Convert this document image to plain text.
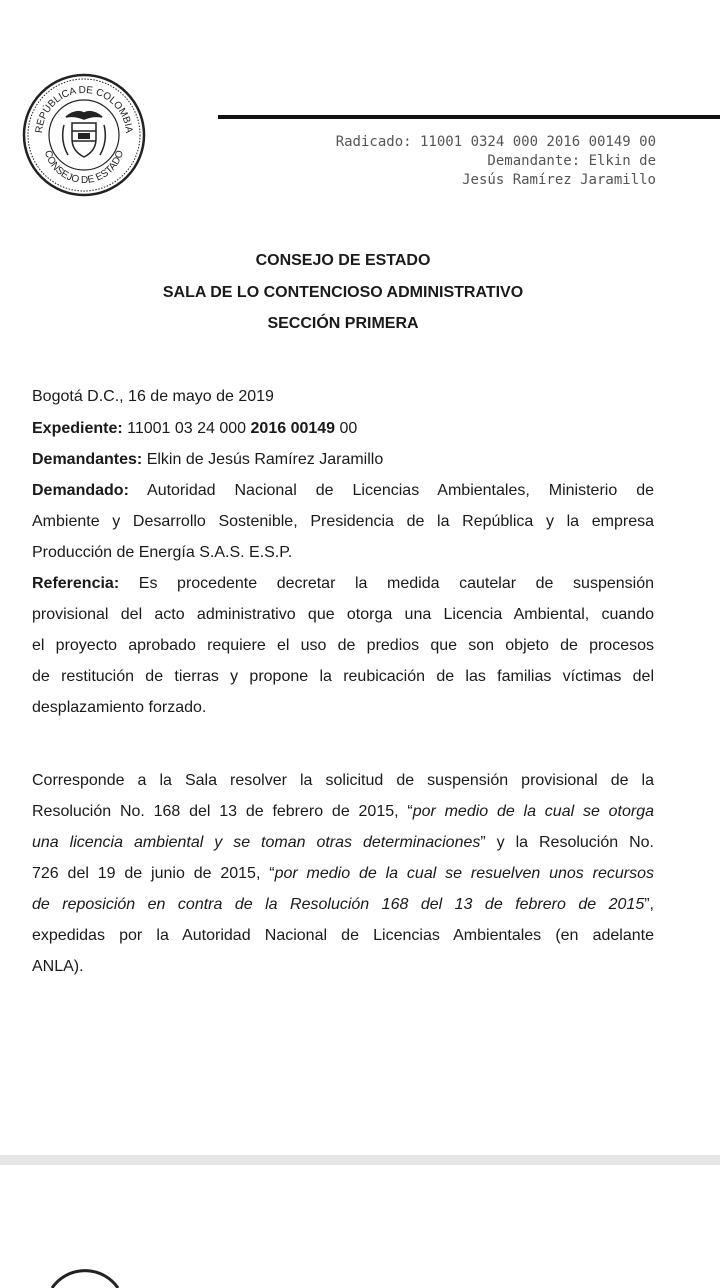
REPÚBLICA DE COLOMBIA
CONSEJO DE ESTADO
Radicado: 11001 0324 000 2016 00149 00
Demandante: Elkin de
Jesús Ramírez Jaramillo
CONSEJO DE ESTADO
SALA DE LO CONTENCIOSO ADMINISTRATIVO
SECCIÓN PRIMERA
Bogotá D.C., 16 de mayo de 2019
Expediente: 11001 03 24 000 2016 00149 00
Demandantes: Elkin de Jesús Ramírez Jaramillo
Demandado: Autoridad Nacional de Licencias Ambientales, Ministerio de
Ambiente y Desarrollo Sostenible, Presidencia de la República y la empresa
Producción de Energía S.A.S. E.S.P.
Referencia: Es procedente decretar la medida cautelar de suspensión
provisional del acto administrativo que otorga una Licencia Ambiental, cuando
el proyecto aprobado requiere el uso de predios que son objeto de procesos
de restitución de tierras y propone la reubicación de las familias víctimas del
desplazamiento forzado.
Corresponde a la Sala resolver la solicitud de suspensión provisional de la
Resolución No. 168 del 13 de febrero de 2015, “por medio de la cual se otorga
una licencia ambiental y se toman otras determinaciones” y la Resolución No.
726 del 19 de junio de 2015, “por medio de la cual se resuelven unos recursos
de reposición en contra de la Resolución 168 del 13 de febrero de 2015”,
expedidas por la Autoridad Nacional de Licencias Ambientales (en adelante
ANLA).
